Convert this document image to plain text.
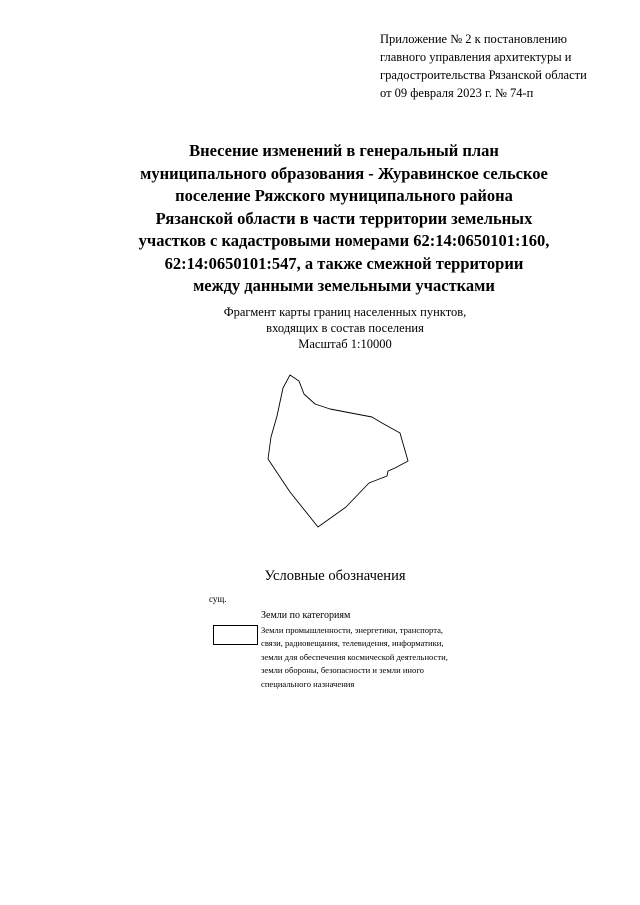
Приложение № 2 к постановлению
главного управления архитектуры и
градостроительства Рязанской области
от 09 февраля 2023 г. № 74-п
Внесение изменений в генеральный план
муниципального образования - Журавинское сельское
поселение Ряжского муниципального района
Рязанской области в части территории земельных
участков с кадастровыми номерами 62:14:0650101:160,
62:14:0650101:547, а также смежной территории
между данными земельными участками
Фрагмент карты границ населенных пунктов,
входящих в состав поселения
Масштаб 1:10000
Условные обозначения
сущ.
Земли по категориям
Земли промышленности, энергетики, транспорта,
связи, радиовещания, телевидения, информатики,
земли для обеспечения космической деятельности,
земли обороны, безопасности и земли иного
специального назначения
